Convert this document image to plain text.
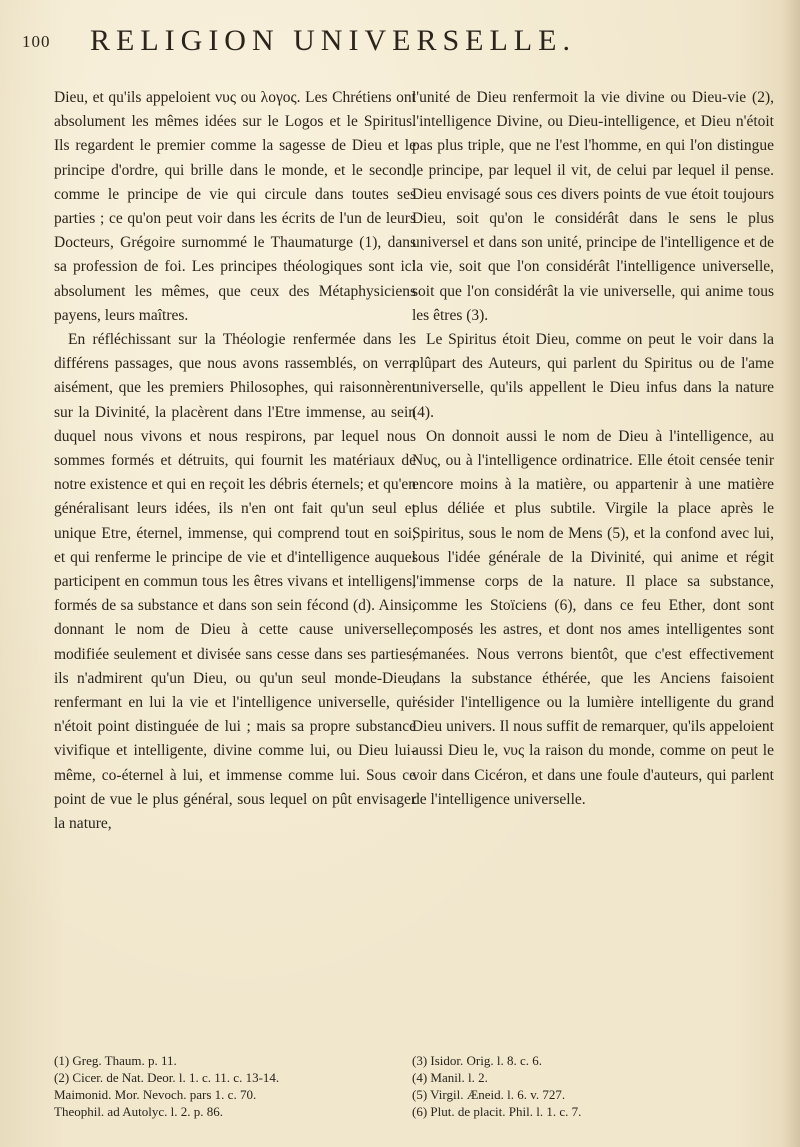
100 RELIGION UNIVERSELLE.

Dieu, et qu'ils appeloient νυς ou λογος. Les Chrétiens ont absolument les mêmes idées sur le Logos et le Spiritus. Ils regardent le premier comme la sagesse de Dieu et le principe d'ordre, qui brille dans le monde, et le second, comme le principe de vie qui circule dans toutes ses parties ; ce qu'on peut voir dans les écrits de l'un de leurs Docteurs, Grégoire surnommé le Thaumaturge (1), dans sa profession de foi. Les principes théologiques sont ici absolument les mêmes, que ceux des Métaphysiciens payens, leurs maîtres.

En réfléchissant sur la Théologie renfermée dans les différens passages, que nous avons rassemblés, on verra aisément, que les premiers Philosophes, qui raisonnèrent sur la Divinité, la placèrent dans l'Etre immense, au sein duquel nous vivons et nous respirons, par lequel nous sommes formés et détruits, qui fournit les matériaux de notre existence et qui en reçoit les débris éternels; et qu'en généralisant leurs idées, ils n'en ont fait qu'un seul et unique Etre, éternel, immense, qui comprend tout en soi, et qui renferme le principe de vie et d'intelligence auquel participent en commun tous les êtres vivans et intelligens, formés de sa substance et dans son sein fécond (d). Ainsi, donnant le nom de Dieu à cette cause universelle, modifiée seulement et divisée sans cesse dans ses parties, ils n'admirent qu'un Dieu, ou qu'un seul monde-Dieu, renfermant en lui la vie et l'intelligence universelle, qui n'étoit point distinguée de lui ; mais sa propre substance vivifique et intelligente, divine comme lui, ou Dieu lui-même, co-éternel à lui, et immense comme lui. Sous ce point de vue le plus général, sous lequel on pût envisager la nature,

l'unité de Dieu renfermoit la vie divine ou Dieu-vie (2), l'intelligence Divine, ou Dieu-intelligence, et Dieu n'étoit pas plus triple, que ne l'est l'homme, en qui l'on distingue le principe, par lequel il vit, de celui par lequel il pense. Dieu envisagé sous ces divers points de vue étoit toujours Dieu, soit qu'on le considérât dans le sens le plus universel et dans son unité, principe de l'intelligence et de la vie, soit que l'on considérât l'intelligence universelle, soit que l'on considérât la vie universelle, qui anime tous les êtres (3).

Le Spiritus étoit Dieu, comme on peut le voir dans la plûpart des Auteurs, qui parlent du Spiritus ou de l'ame universelle, qu'ils appellent le Dieu infus dans la nature (4).

On donnoit aussi le nom de Dieu à l'intelligence, au Νυς, ou à l'intelligence ordinatrice. Elle étoit censée tenir encore moins à la matière, ou appartenir à une matière plus déliée et plus subtile. Virgile la place après le Spiritus, sous le nom de Mens (5), et la confond avec lui, sous l'idée générale de la Divinité, qui anime et régit l'immense corps de la nature. Il place sa substance, comme les Stoïciens (6), dans ce feu Ether, dont sont composés les astres, et dont nos ames intelligentes sont émanées. Nous verrons bientôt, que c'est effectivement dans la substance éthérée, que les Anciens faisoient résider l'intelligence ou la lumière intelligente du grand Dieu univers. Il nous suffit de remarquer, qu'ils appeloient aussi Dieu le, νυς la raison du monde, comme on peut le voir dans Cicéron, et dans une foule d'auteurs, qui parlent de l'intelligence universelle.

(1) Greg. Thaum. p. 11.
(2) Cicer. de Nat. Deor. l. 1. c. 11. c. 13-14.
Maimonid. Mor. Nevoch. pars 1. c. 70.
Theophil. ad Autolyc. l. 2. p. 86.
(3) Isidor. Orig. l. 8. c. 6.
(4) Manil. l. 2.
(5) Virgil. Æneid. l. 6. v. 727.
(6) Plut. de placit. Phil. l. 1. c. 7.
